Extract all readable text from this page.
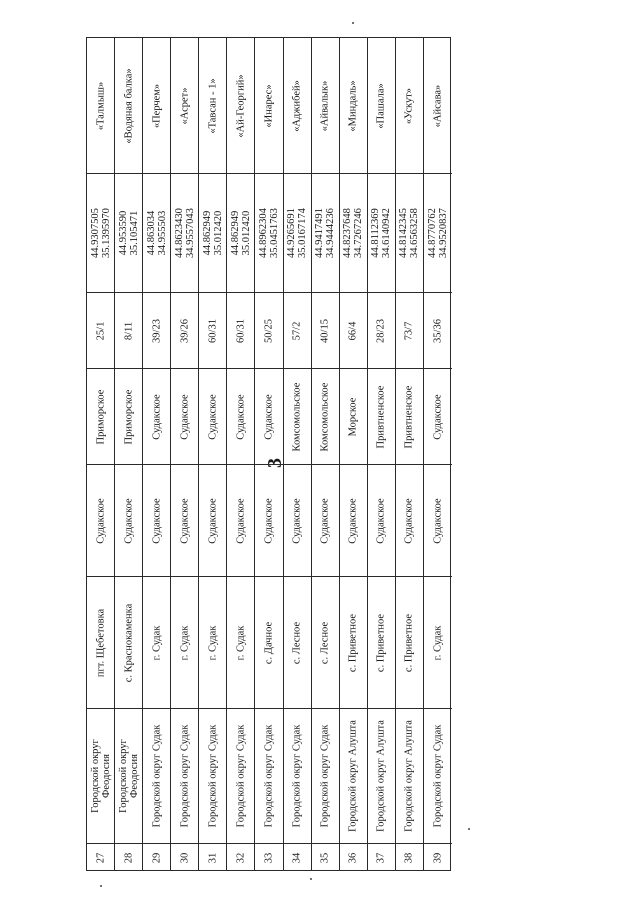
3
«Талмыш»
44.9307505 35.1395970
25/1
Приморское
Судакское
пгт. Щебетовка
Городской округ
Феодосия
27
«Водяная балка»
44.953590 35.105471
8/11
Приморское
Судакское
с. Краснокаменка
Городской округ
Феодосия
28
«Перчем»
44.863034 34.955503
39/23
Судакское
Судакское
г. Судак
Городской округ Судак
29
«Асрет»
44.8623430 34.9557043
39/26
Судакское
Судакское
г. Судак
Городской округ Судак
30
«Тавсан - 1»
44.862949 35.012420
60/31
Судакское
Судакское
г. Судак
Городской округ Судак
31
«Ай-Георгий»
44.862949 35.012420
60/31
Судакское
Судакское
г. Судак
Городской округ Судак
32
«Инарес»
44.8962304 35.0451763
50/25
Судакское
Судакское
с. Дачное
Городской округ Судак
33
«Аджибей»
44.9265691 35.0167174
57/2
Комсомольское
Судакское
с. Лесное
Городской округ Судак
34
«Айвалык»
44.9417491 34.9444236
40/15
Комсомольское
Судакское
с. Лесное
Городской округ Судак
35
«Миндаль»
44.8237648 34.7267246
66/4
Морское
Судакское
с. Приветное
Городской округ Алушта
36
«Пашала»
44.8112369 34.6140942
28/23
Привтненское
Судакское
с. Приветное
Городской округ Алушта
37
«Ускут»
44.8142345 34.6563258
73/7
Привтненское
Судакское
с. Приветное
Городской округ Алушта
38
«Айсава»
44.8770762 34.9520837
35/36
Судакское
Судакское
г. Судак
Городской округ Судак
39
